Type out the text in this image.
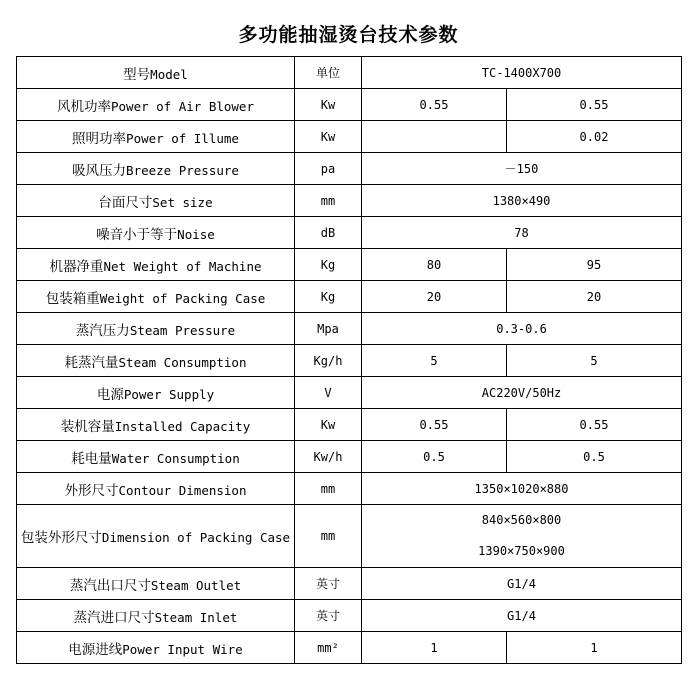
多功能抽湿烫台技术参数
型号Model	单位	TC-1400X700	
风机功率Power of Air Blower	Kw	0.55	0.55
照明功率Power of Illume	Kw		0.02
吸风压力Breeze Pressure	pa	－150	
台面尺寸Set size	mm	1380×490	
噪音小于等于Noise	dB	78	
机器净重Net Weight of Machine	Kg	80	95
包装箱重Weight of Packing Case	Kg	20	20
蒸汽压力Steam Pressure	Mpa	0.3-0.6	
耗蒸汽量Steam Consumption	Kg/h	5	5
电源Power Supply	V	AC220V/50Hz	
装机容量Installed Capacity	Kw	0.55	0.55
耗电量Water Consumption	Kw/h	0.5	0.5
外形尺寸Contour Dimension	mm	1350×1020×880	
包装外形尺寸Dimension of Packing Case	mm	840×560×800
1390×750×900	

蒸汽出口尺寸Steam Outlet	英寸	G1/4	
蒸汽进口尺寸Steam Inlet	英寸	G1/4	
电源进线Power Input Wire	mm²	1	1
